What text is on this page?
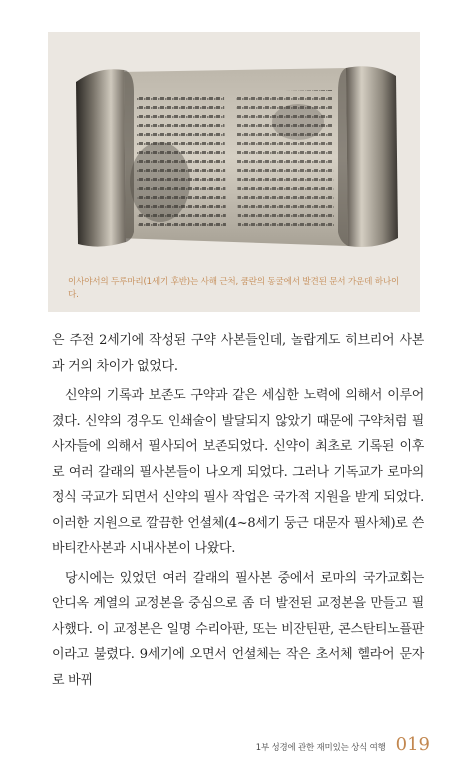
이사야서의 두루마리(1세기 후반)는 사해 근처, 쿰란의 동굴에서 발견된 문서 가운데 하나이다.

은 주전 2세기에 작성된 구약 사본들인데, 놀랍게도 히브리어 사본과 거의 차이가 없었다.

신약의 기록과 보존도 구약과 같은 세심한 노력에 의해서 이루어졌다. 신약의 경우도 인쇄술이 발달되지 않았기 때문에 구약처럼 필사자들에 의해서 필사되어 보존되었다. 신약이 최초로 기록된 이후로 여러 갈래의 필사본들이 나오게 되었다. 그러나 기독교가 로마의 정식 국교가 되면서 신약의 필사 작업은 국가적 지원을 받게 되었다. 이러한 지원으로 깔끔한 언셜체(4~8세기 둥근 대문자 필사체)로 쓴 바티칸사본과 시내사본이 나왔다.

당시에는 있었던 여러 갈래의 필사본 중에서 로마의 국가교회는 안디옥 계열의 교정본을 중심으로 좀 더 발전된 교정본을 만들고 필사했다. 이 교정본은 일명 수리아판, 또는 비잔틴판, 콘스탄티노플판이라고 불렸다. 9세기에 오면서 언셜체는 작은 초서체 헬라어 문자로 바뀌

1부 성경에 관한 재미있는 상식 여행 019
